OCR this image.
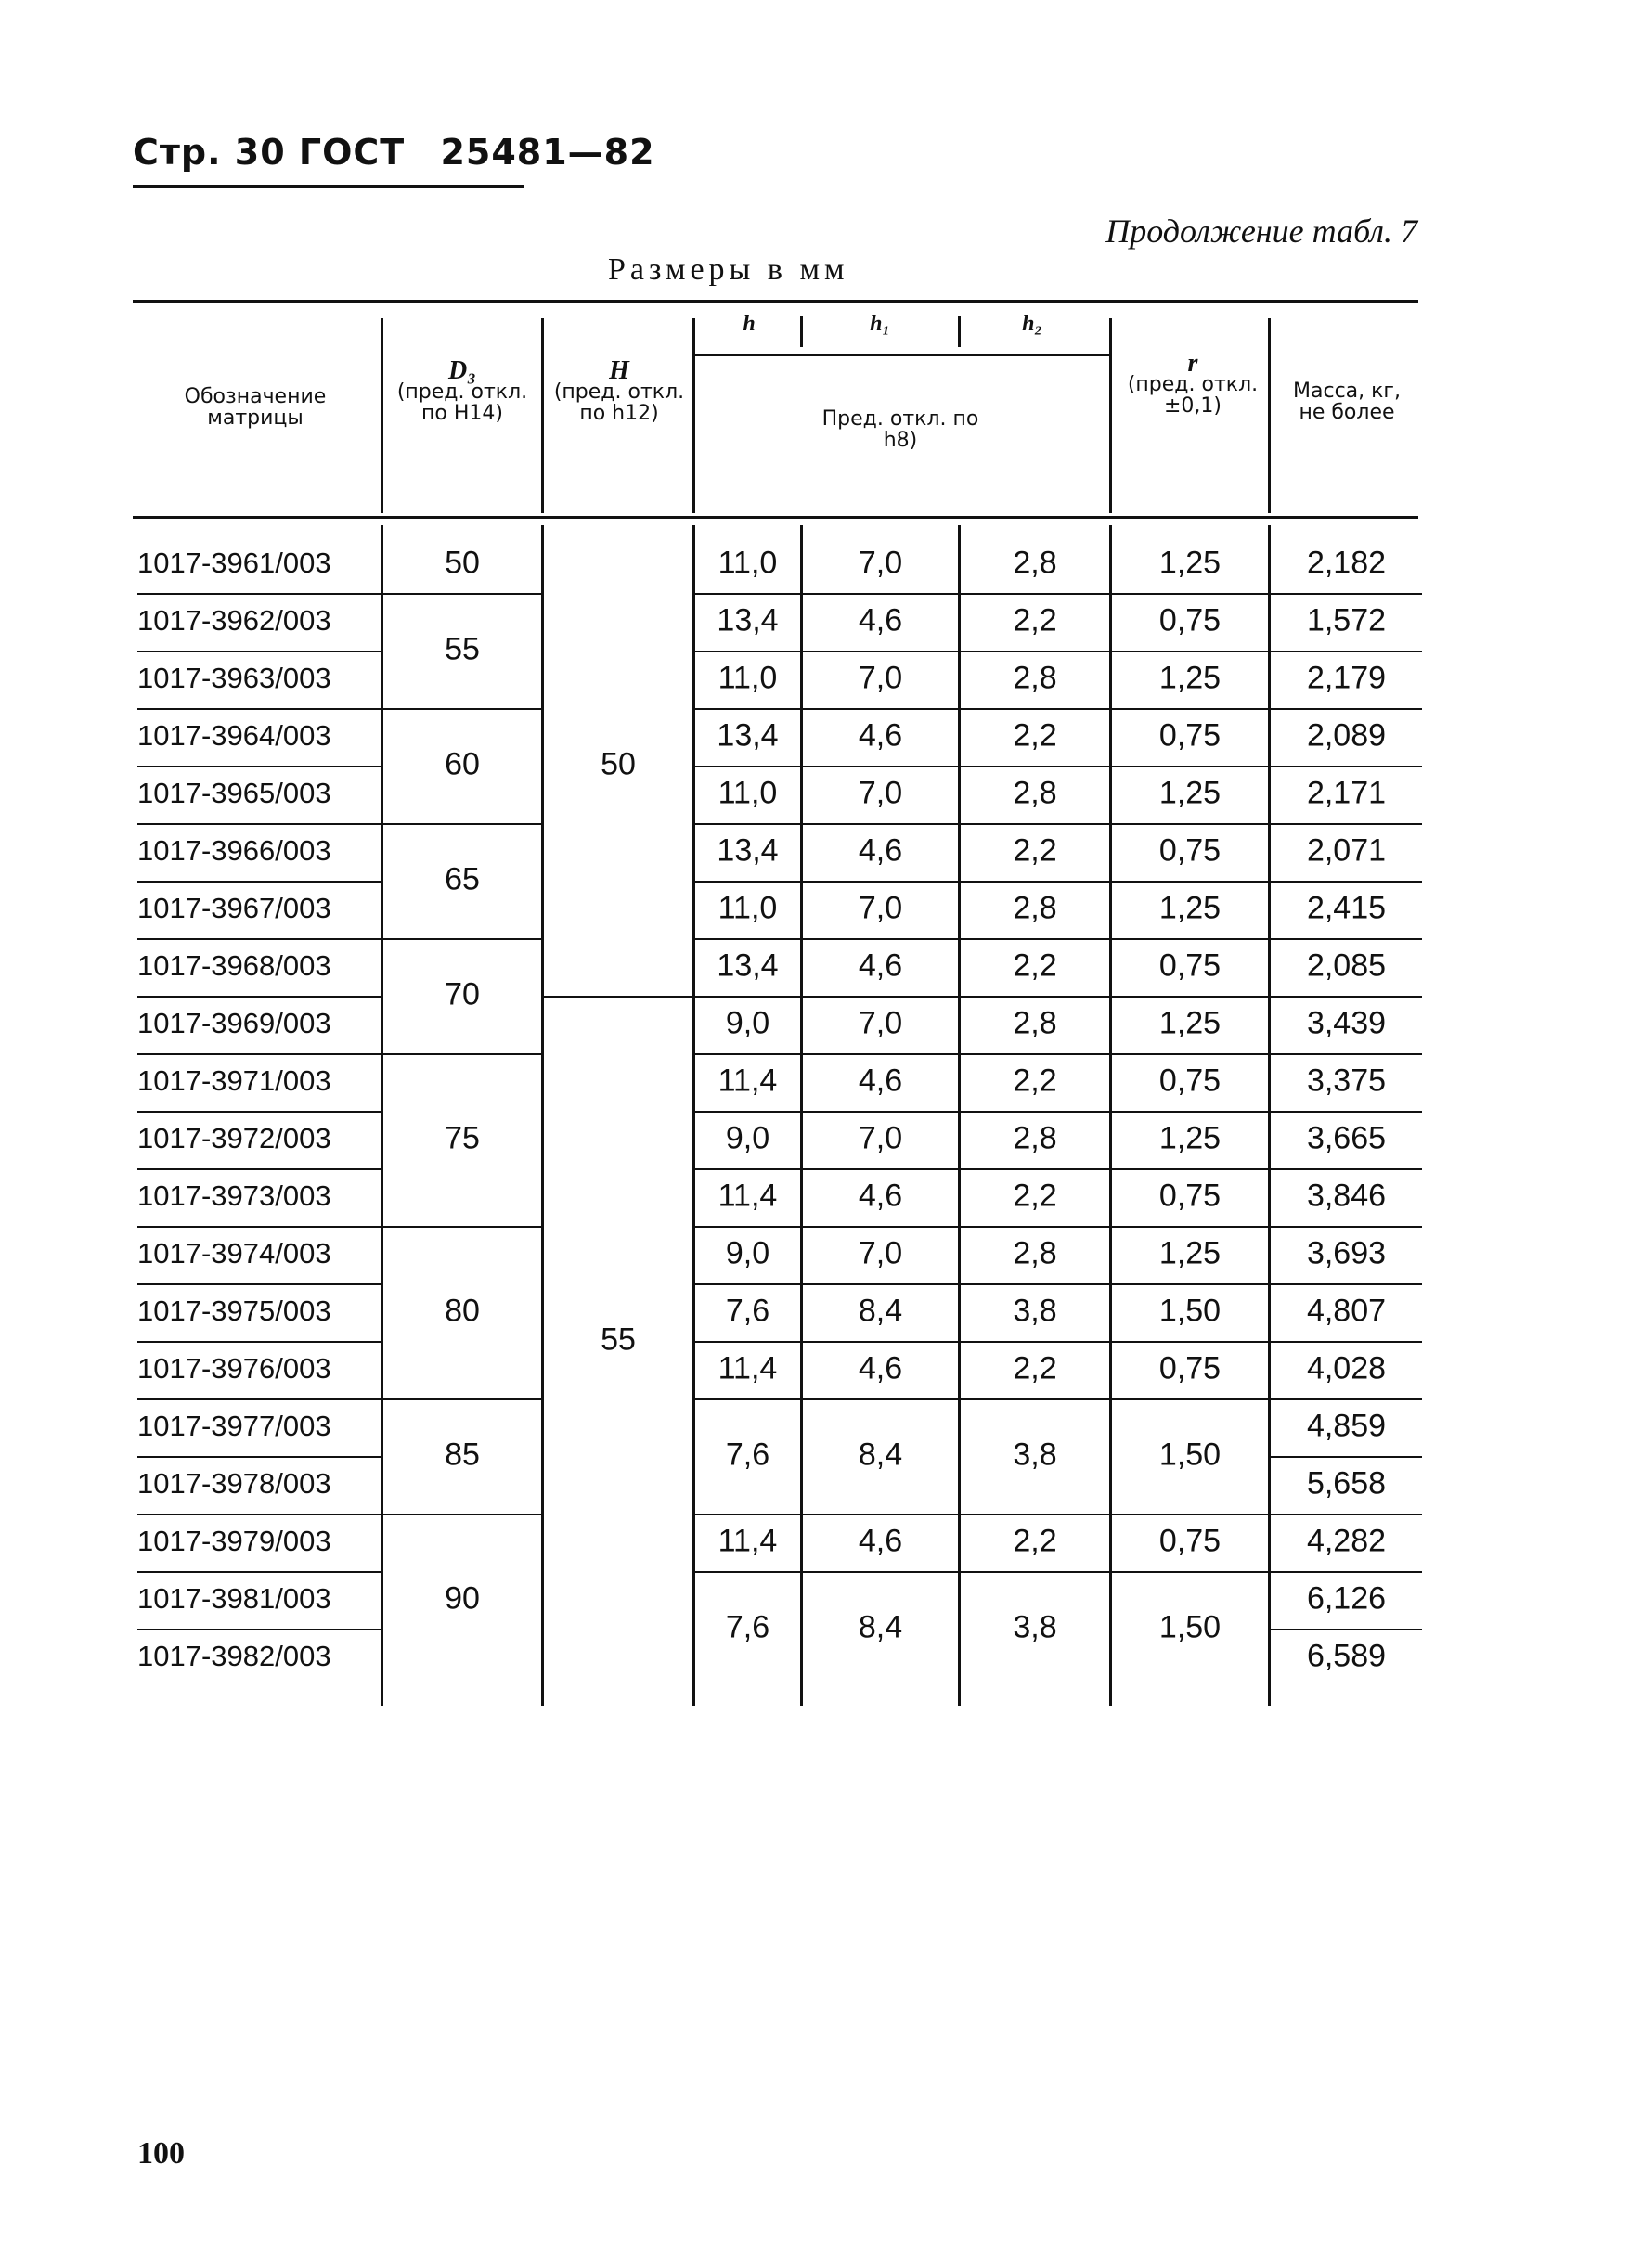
Стр. 30 ГОСТ 25481—82
Продолжение табл. 7
Размеры в мм
Обозначение матрицы
D₃
(пред. откл. по H14)
H
(пред. откл. по h12)
h	h₁	h₂
Пред. откл. по h8)
r
(пред. откл. ±0,1)
Масса, кг, не более
1017-3961/003
1017-3962/003
1017-3963/003
1017-3964/003
1017-3965/003
1017-3966/003
1017-3967/003
1017-3968/003
1017-3969/003
1017-3971/003
1017-3972/003
1017-3973/003
1017-3974/003
1017-3975/003
1017-3976/003
1017-3977/003
1017-3978/003
1017-3979/003
1017-3981/003
1017-3982/003
50
55
60
65
70
75
80
85
90
50
55
11,0
13,4
11,0
13,4
11,0
13,4
11,0
13,4
9,0
11,4
9,0
11,4
9,0
7,6
11,4
7,6
11,4
7,6
7,0
4,6
7,0
4,6
7,0
4,6
7,0
4,6
7,0
4,6
7,0
4,6
7,0
8,4
4,6
8,4
4,6
8,4
2,8
2,2
2,8
2,2
2,8
2,2
2,8
2,2
2,8
2,2
2,8
2,2
2,8
3,8
2,2
3,8
2,2
3,8
1,25
0,75
1,25
0,75
1,25
0,75
1,25
0,75
1,25
0,75
1,25
0,75
1,25
1,50
0,75
1,50
0,75
1,50
2,182
1,572
2,179
2,089
2,171
2,071
2,415
2,085
3,439
3,375
3,665
3,846
3,693
4,807
4,028
4,859
5,658
4,282
6,126
6,589
100
